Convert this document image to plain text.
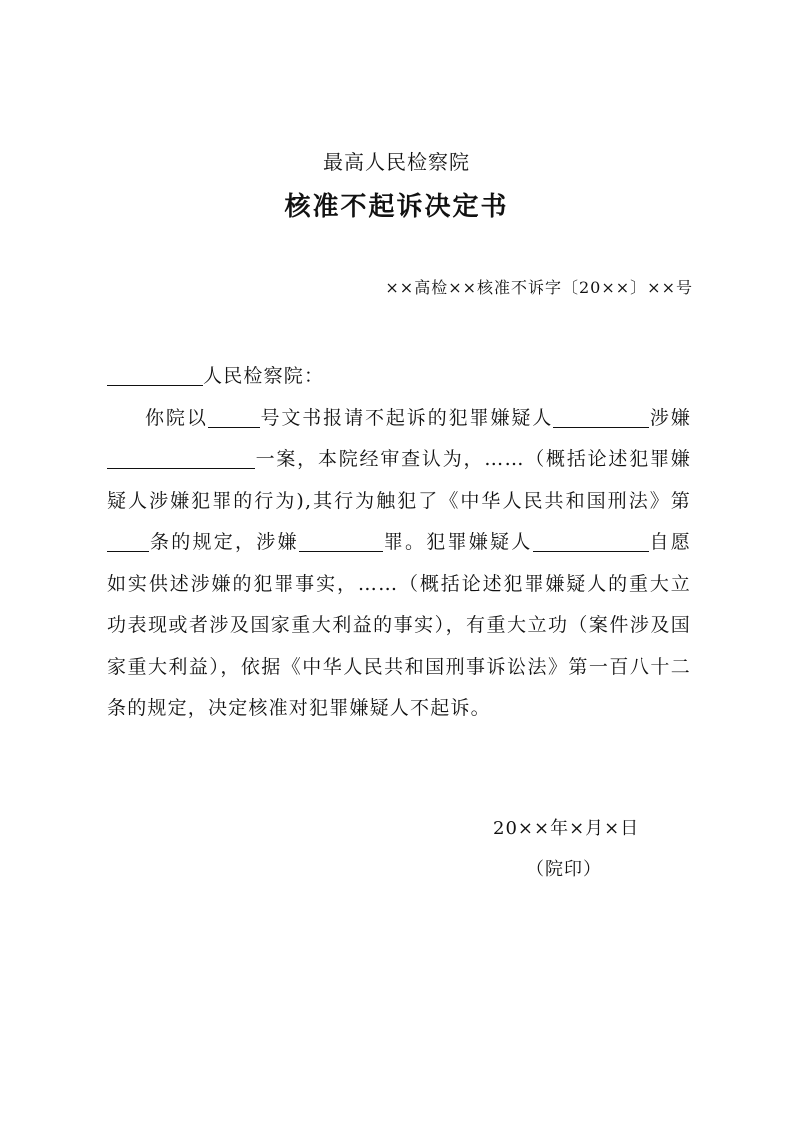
最高人民检察院
核准不起诉决定书
××高检××核准不诉字〔20××〕××号
人民检察院：

你院以	号文书报请不起诉的犯罪嫌疑人	涉嫌一案，本院经审查认为，……（概括论述犯罪嫌疑人涉嫌犯罪的行为),其行为触犯了《中华人民共和国刑法》第条的规定，涉嫌	罪。犯罪嫌疑人	自愿如实供述涉嫌的犯罪事实，……（概括论述犯罪嫌疑人的重大立功表现或者涉及国家重大利益的事实），有重大立功（案件涉及国家重大利益），依据《中华人民共和国刑事诉讼法》第一百八十二条的规定，决定核准对犯罪嫌疑人不起诉。

20××年×月×日
（院印）
